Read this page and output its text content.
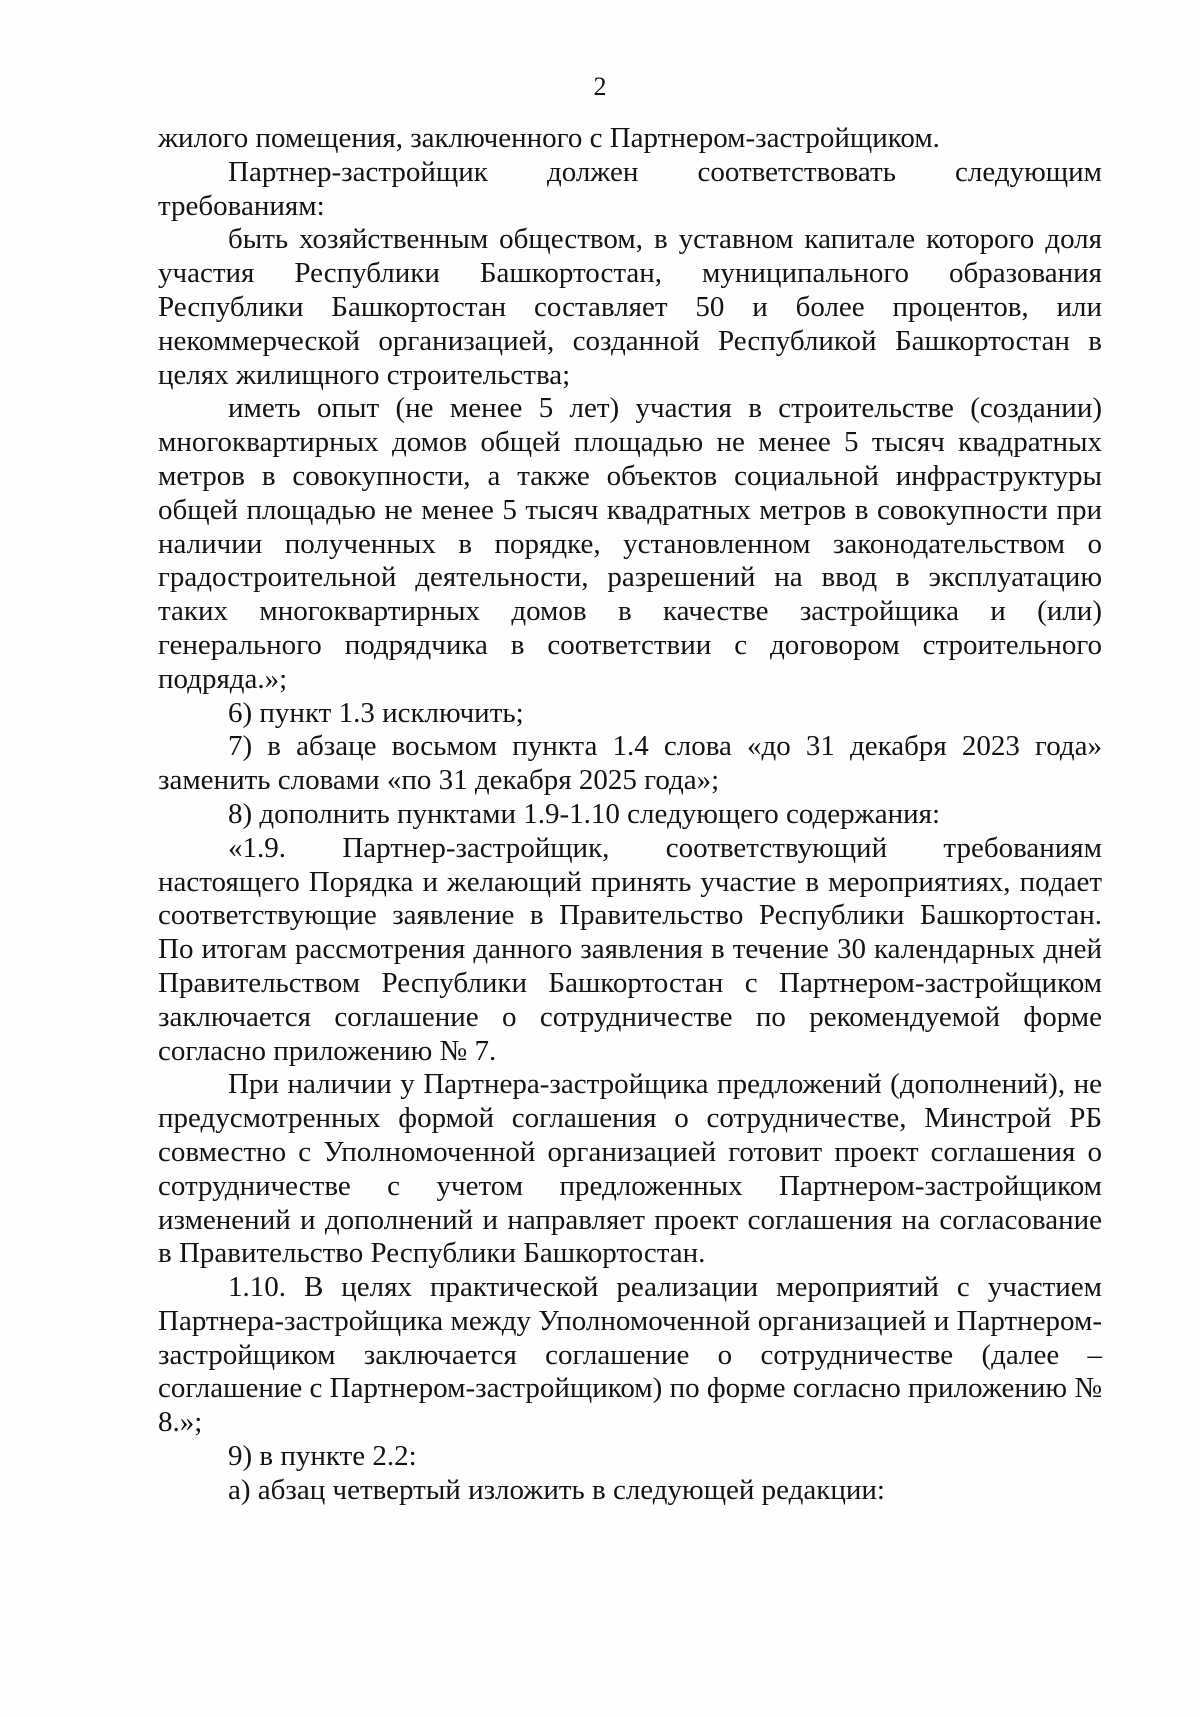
2

жилого помещения, заключенного с Партнером-застройщиком.

Партнер-застройщик должен соответствовать следующим требованиям:

быть хозяйственным обществом, в уставном капитале которого доля участия Республики Башкортостан, муниципального образования Республики Башкортостан составляет 50 и более процентов, или некоммерческой организацией, созданной Республикой Башкортостан в целях жилищного строительства;

иметь опыт (не менее 5 лет) участия в строительстве (создании) многоквартирных домов общей площадью не менее 5 тысяч квадратных метров в совокупности, а также объектов социальной инфраструктуры общей площадью не менее 5 тысяч квадратных метров в совокупности при наличии полученных в порядке, установленном законодательством о градостроительной деятельности, разрешений на ввод в эксплуатацию таких многоквартирных домов в качестве застройщика и (или) генерального подрядчика в соответствии с договором строительного подряда.»;

6) пункт 1.3 исключить;

7) в абзаце восьмом пункта 1.4 слова «до 31 декабря 2023 года» заменить словами «по 31 декабря 2025 года»;

8) дополнить пунктами 1.9-1.10 следующего содержания:

«1.9. Партнер-застройщик, соответствующий требованиям настоящего Порядка и желающий принять участие в мероприятиях, подает соответствующие заявление в Правительство Республики Башкортостан. По итогам рассмотрения данного заявления в течение 30 календарных дней Правительством Республики Башкортостан с Партнером-застройщиком заключается соглашение о сотрудничестве по рекомендуемой форме согласно приложению № 7.

При наличии у Партнера-застройщика предложений (дополнений), не предусмотренных формой соглашения о сотрудничестве, Минстрой РБ совместно с Уполномоченной организацией готовит проект соглашения о сотрудничестве с учетом предложенных Партнером-застройщиком изменений и дополнений и направляет проект соглашения на согласование в Правительство Республики Башкортостан.

1.10. В целях практической реализации мероприятий с участием Партнера-застройщика между Уполномоченной организацией и Партнером-застройщиком заключается соглашение о сотрудничестве (далее – соглашение с Партнером-застройщиком) по форме согласно приложению № 8.»;

9) в пункте 2.2:

а) абзац четвертый изложить в следующей редакции:
